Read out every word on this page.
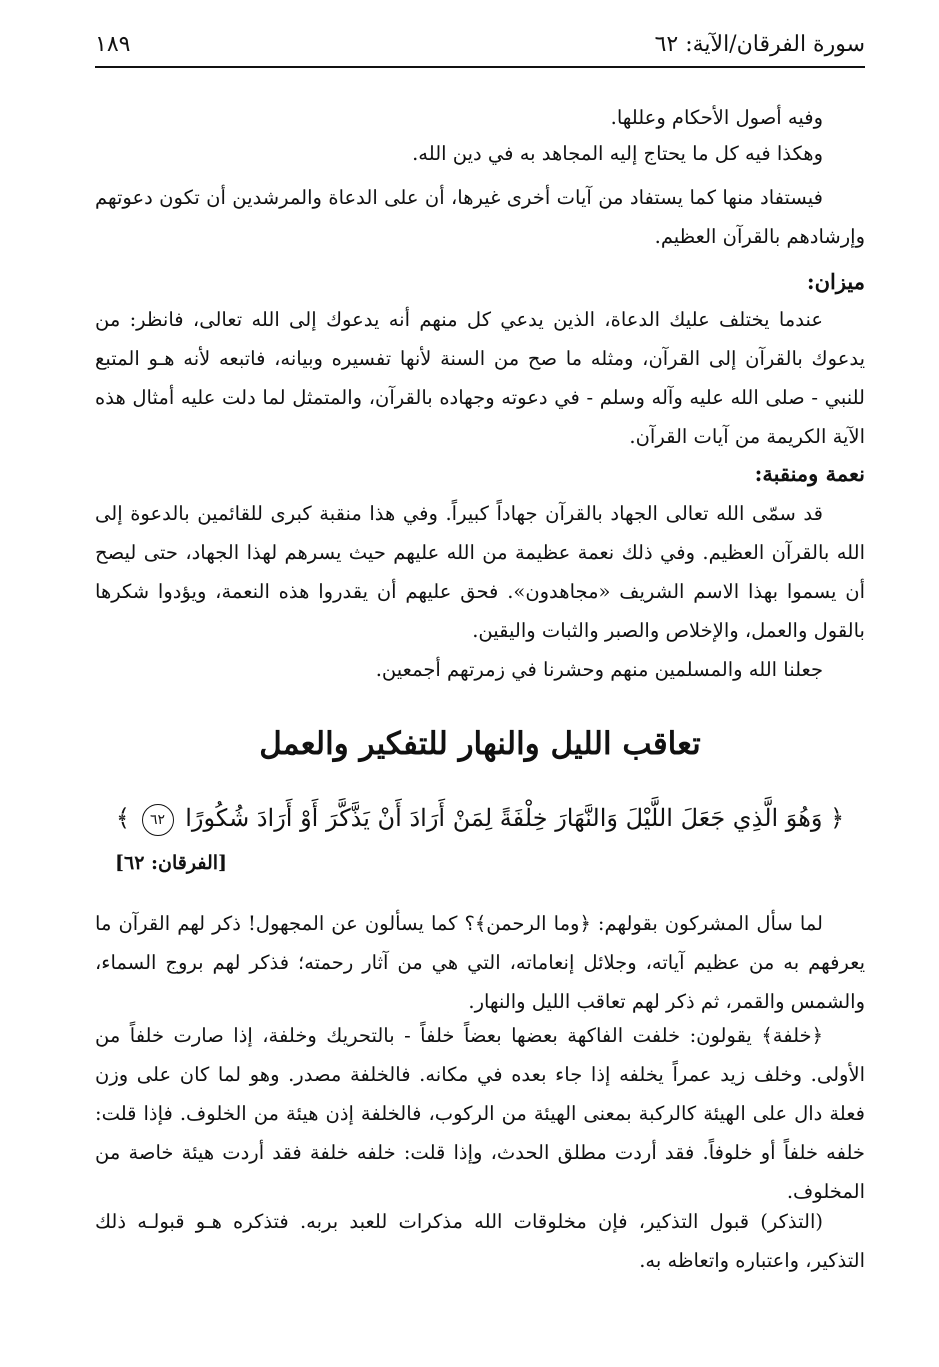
سورة الفرقان/الآية: ٦٢
١٨٩
وفيه أصول الأحكام وعللها.
وهكذا فيه كل ما يحتاج إليه المجاهد به في دين الله.
فيستفاد منها كما يستفاد من آيات أخرى غيرها، أن على الدعاة والمرشدين أن تكون دعوتهم وإرشادهم بالقرآن العظيم.
ميزان:
عندما يختلف عليك الدعاة، الذين يدعي كل منهم أنه يدعوك إلى الله تعالى، فانظر: من يدعوك بالقرآن إلى القرآن، ومثله ما صح من السنة لأنها تفسيره وبيانه، فاتبعه لأنه هـو المتبع للنبي - صلى الله عليه وآله وسلم - في دعوته وجهاده بالقرآن، والمتمثل لما دلت عليه أمثال هذه الآية الكريمة من آيات القرآن.
نعمة ومنقبة:
قد سمّى الله تعالى الجهاد بالقرآن جهاداً كبيراً. وفي هذا منقبة كبرى للقائمين بالدعوة إلى الله بالقرآن العظيم. وفي ذلك نعمة عظيمة من الله عليهم حيث يسرهم لهذا الجهاد، حتى ليصح أن يسموا بهذا الاسم الشريف «مجاهدون». فحق عليهم أن يقدروا هذه النعمة، ويؤدوا شكرها بالقول والعمل، والإخلاص والصبر والثبات واليقين.
جعلنا الله والمسلمين منهم وحشرنا في زمرتهم أجمعين.
تعاقب الليل والنهار للتفكير والعمل
﴿ وَهُوَ الَّذِي جَعَلَ اللَّيْلَ وَالنَّهَارَ خِلْفَةً لِمَنْ أَرَادَ أَنْ يَذَّكَّرَ أَوْ أَرَادَ شُكُورًا ٦٢ ﴾
[الفرقان: ٦٢]
لما سأل المشركون بقولهم: ﴿وما الرحمن﴾؟ كما يسألون عن المجهول! ذكر لهم القرآن ما يعرفهم به من عظيم آياته، وجلائل إنعاماته، التي هي من آثار رحمته؛ فذكر لهم بروج السماء، والشمس والقمر، ثم ذكر لهم تعاقب الليل والنهار.
﴿خلفة﴾ يقولون: خلفت الفاكهة بعضها بعضاً خلفاً - بالتحريك وخلفة، إذا صارت خلفاً من الأولى. وخلف زيد عمراً يخلفه إذا جاء بعده في مكانه. فالخلفة مصدر. وهو لما كان على وزن فعلة دال على الهيئة كالركبة بمعنى الهيئة من الركوب، فالخلفة إذن هيئة من الخلوف. فإذا قلت: خلفه خلفاً أو خلوفاً. فقد أردت مطلق الحدث، وإذا قلت: خلفه خلفة فقد أردت هيئة خاصة من المخلوف.
(التذكر) قبول التذكير، فإن مخلوقات الله مذكرات للعبد بربه. فتذكره هـو قبولـه ذلك التذكير، واعتباره واتعاظه به.
